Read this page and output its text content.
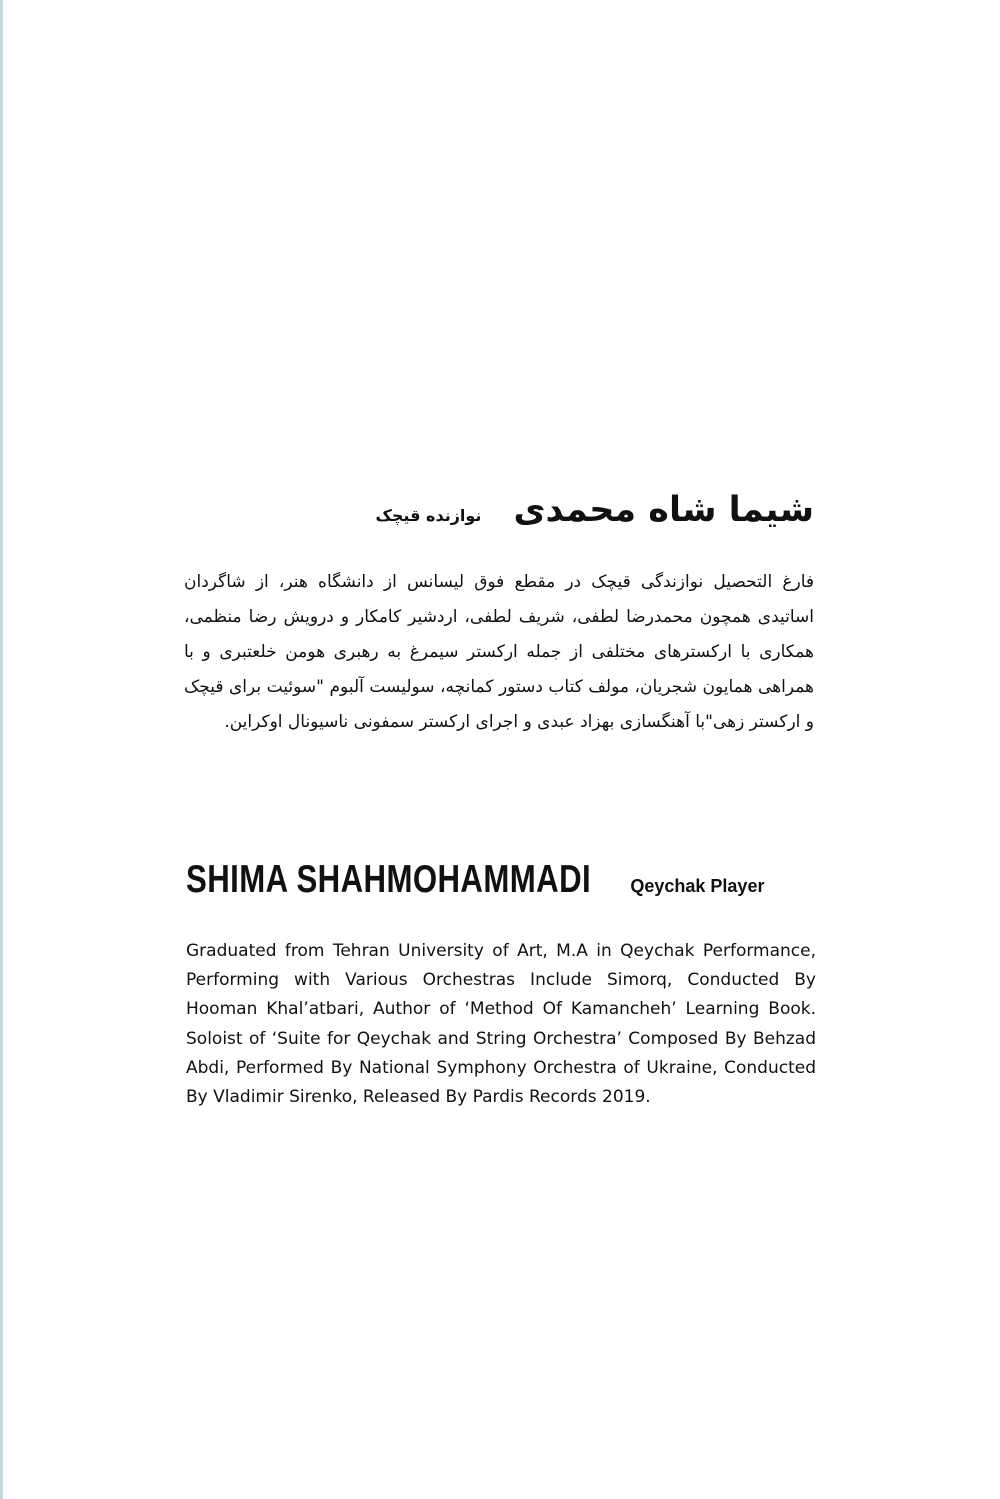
شیما شاه محمدی
نوازنده قیچک

فارغ التحصیل نوازندگی قیچک در مقطع فوق لیسانس از دانشگاه هنر، از شاگردان اساتیدی همچون محمدرضا لطفی، شریف لطفی، اردشیر کامکار و درویش رضا منظمی، همکاری با ارکسترهای مختلفی از جمله ارکستر سیمرغ به رهبری هومن خلعتبری و با همراهی همایون شجریان، مولف کتاب دستور کمانچه، سولیست آلبوم "سوئیت برای قیچک و ارکستر زهی"با آهنگسازی بهزاد عبدی و اجرای ارکستر سمفونی ناسیونال اوکراین.

SHIMA SHAHMOHAMMADI Qeychak Player

Graduated from Tehran University of Art, M.A in Qeychak Performance, Performing with Various Orchestras Include Simorq, Conducted By Hooman Khal’atbari, Author of ‘Method Of Kamancheh’ Learning Book. Soloist of ‘Suite for Qeychak and String Orchestra’ Composed By Behzad Abdi, Performed By National Symphony Orchestra of Ukraine, Conducted By Vladimir Sirenko, Released By Pardis Records 2019.
